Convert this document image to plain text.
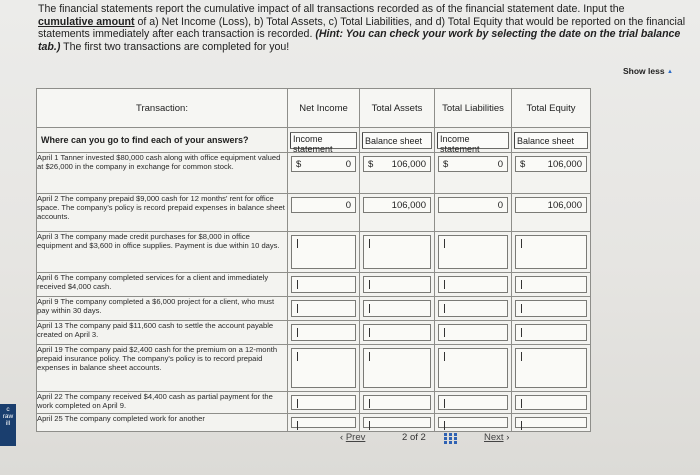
The financial statements report the cumulative impact of all transactions recorded as of the financial statement date. Input the
cumulative amount of a) Net Income (Loss), b) Total Assets, c) Total Liabilities, and d) Total Equity that would be reported on the financial statements immediately after each transaction is recorded. (Hint: You can check your work by selecting the date on the trial balance tab.) The first two transactions are completed for you!
Show less ▲
Transaction:	Net Income	Total Assets	Total Liabilities	Total Equity
Where can you go to find each of your answers?	Income statement	Balance sheet	Income statement	Balance sheet

April 1 Tanner invested $80,000 cash along with office equipment valued at $26,000 in the company in exchange for common stock.	$ 0	$ 106,000	$ 0	$ 106,000

April 2 The company prepaid $9,000 cash for 12 months' rent for office space. The company's policy is record prepaid expenses in balance sheet accounts.	0	106,000	0	106,000

April 3 The company made credit purchases for $8,000 in office equipment and $3,600 in office supplies. Payment is due within 10 days.	

April 6 The company completed services for a client and immediately received $4,000 cash.	

April 9 The company completed a $6,000 project for a client, who must pay within 30 days.	

April 13 The company paid $11,600 cash to settle the account payable created on April 3.	

April 19 The company paid $2,400 cash for the premium on a 12-month prepaid insurance policy. The company's policy is to record prepaid expenses in balance sheet accounts.	

April 22 The company received $4,400 cash as partial payment for the work completed on April 9.	

April 25 The company completed work for another	

‹ Prev	2 of 2	Next ›
c
raw
ill
